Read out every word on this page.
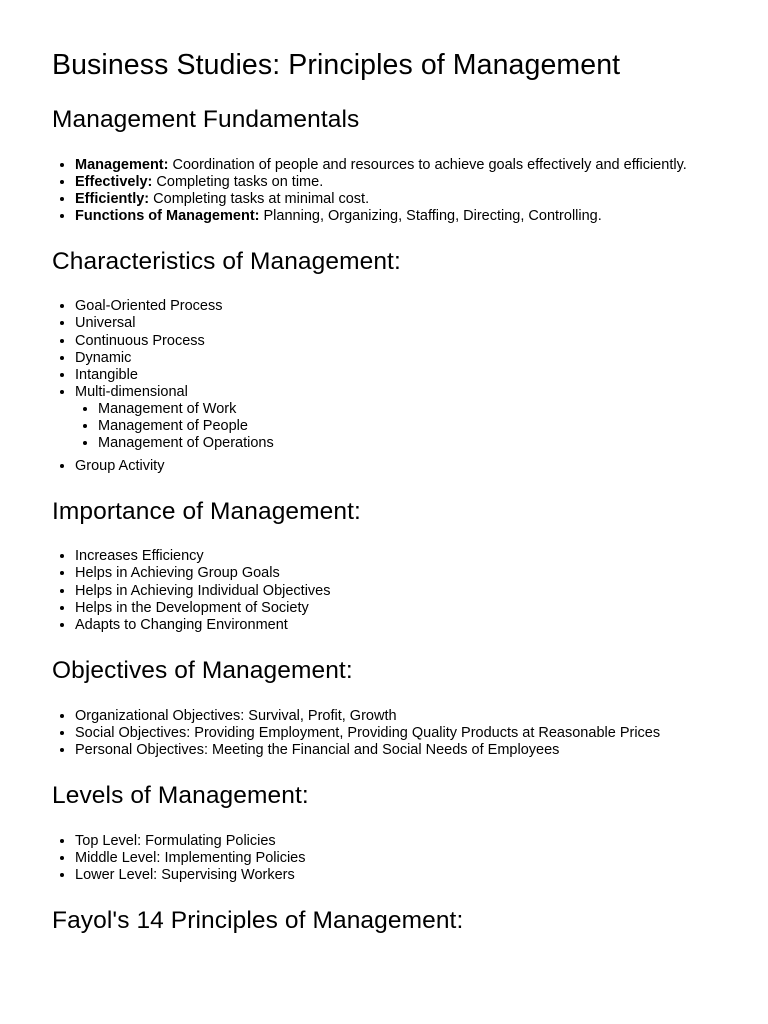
Business Studies: Principles of Management
Management Fundamentals
• Management: Coordination of people and resources to achieve goals effectively and efficiently.
• Effectively: Completing tasks on time.
• Efficiently: Completing tasks at minimal cost.
• Functions of Management: Planning, Organizing, Staffing, Directing, Controlling.
Characteristics of Management:
• Goal-Oriented Process
• Universal
• Continuous Process
• Dynamic
• Intangible
• Multi-dimensional
• Management of Work
• Management of People
• Management of Operations
• Group Activity
Importance of Management:
• Increases Efficiency
• Helps in Achieving Group Goals
• Helps in Achieving Individual Objectives
• Helps in the Development of Society
• Adapts to Changing Environment
Objectives of Management:
• Organizational Objectives: Survival, Profit, Growth
• Social Objectives: Providing Employment, Providing Quality Products at Reasonable Prices
• Personal Objectives: Meeting the Financial and Social Needs of Employees
Levels of Management:
• Top Level: Formulating Policies
• Middle Level: Implementing Policies
• Lower Level: Supervising Workers
Fayol's 14 Principles of Management:
